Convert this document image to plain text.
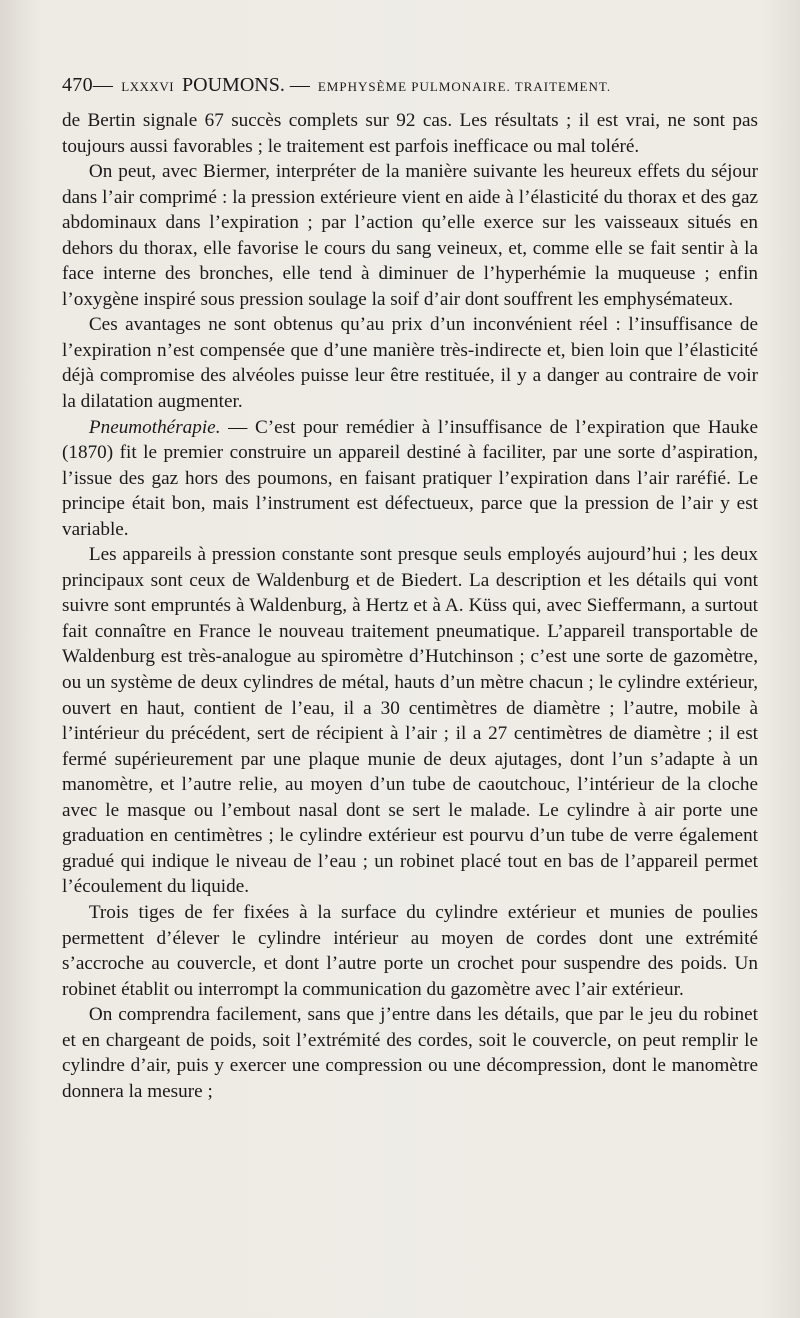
470— LXXXVI POUMONS. — EMPHYSÈME PULMONAIRE. TRAITEMENT.

de Bertin signale 67 succès complets sur 92 cas. Les résultats ; il est vrai, ne sont pas toujours aussi favorables ; le traitement est parfois inefficace ou mal toléré.

On peut, avec Biermer, interpréter de la manière suivante les heureux effets du séjour dans l’air comprimé : la pression extérieure vient en aide à l’élasticité du thorax et des gaz abdominaux dans l’expiration ; par l’action qu’elle exerce sur les vaisseaux situés en dehors du thorax, elle favorise le cours du sang veineux, et, comme elle se fait sentir à la face interne des bronches, elle tend à diminuer de l’hyperhémie la muqueuse ; enfin l’oxygène inspiré sous pression soulage la soif d’air dont souffrent les emphysémateux.

Ces avantages ne sont obtenus qu’au prix d’un inconvénient réel : l’insuffisance de l’expiration n’est compensée que d’une manière très-indirecte et, bien loin que l’élasticité déjà compromise des alvéoles puisse leur être restituée, il y a danger au contraire de voir la dilatation augmenter.

Pneumothérapie. — C’est pour remédier à l’insuffisance de l’expiration que Hauke (1870) fit le premier construire un appareil destiné à faciliter, par une sorte d’aspiration, l’issue des gaz hors des poumons, en faisant pratiquer l’expiration dans l’air raréfié. Le principe était bon, mais l’instrument est défectueux, parce que la pression de l’air y est variable.

Les appareils à pression constante sont presque seuls employés aujourd’hui ; les deux principaux sont ceux de Waldenburg et de Biedert. La description et les détails qui vont suivre sont empruntés à Waldenburg, à Hertz et à A. Küss qui, avec Sieffermann, a surtout fait connaître en France le nouveau traitement pneumatique. L’appareil transportable de Waldenburg est très-analogue au spiromètre d’Hutchinson ; c’est une sorte de gazomètre, ou un système de deux cylindres de métal, hauts d’un mètre chacun ; le cylindre extérieur, ouvert en haut, contient de l’eau, il a 30 centimètres de diamètre ; l’autre, mobile à l’intérieur du précédent, sert de récipient à l’air ; il a 27 centimètres de diamètre ; il est fermé supérieurement par une plaque munie de deux ajutages, dont l’un s’adapte à un manomètre, et l’autre relie, au moyen d’un tube de caoutchouc, l’intérieur de la cloche avec le masque ou l’embout nasal dont se sert le malade. Le cylindre à air porte une graduation en centimètres ; le cylindre extérieur est pourvu d’un tube de verre également gradué qui indique le niveau de l’eau ; un robinet placé tout en bas de l’appareil permet l’écoulement du liquide.

Trois tiges de fer fixées à la surface du cylindre extérieur et munies de poulies permettent d’élever le cylindre intérieur au moyen de cordes dont une extrémité s’accroche au couvercle, et dont l’autre porte un crochet pour suspendre des poids. Un robinet établit ou interrompt la communication du gazomètre avec l’air extérieur.

On comprendra facilement, sans que j’entre dans les détails, que par le jeu du robinet et en chargeant de poids, soit l’extrémité des cordes, soit le couvercle, on peut remplir le cylindre d’air, puis y exercer une compression ou une décompression, dont le manomètre donnera la mesure ;
